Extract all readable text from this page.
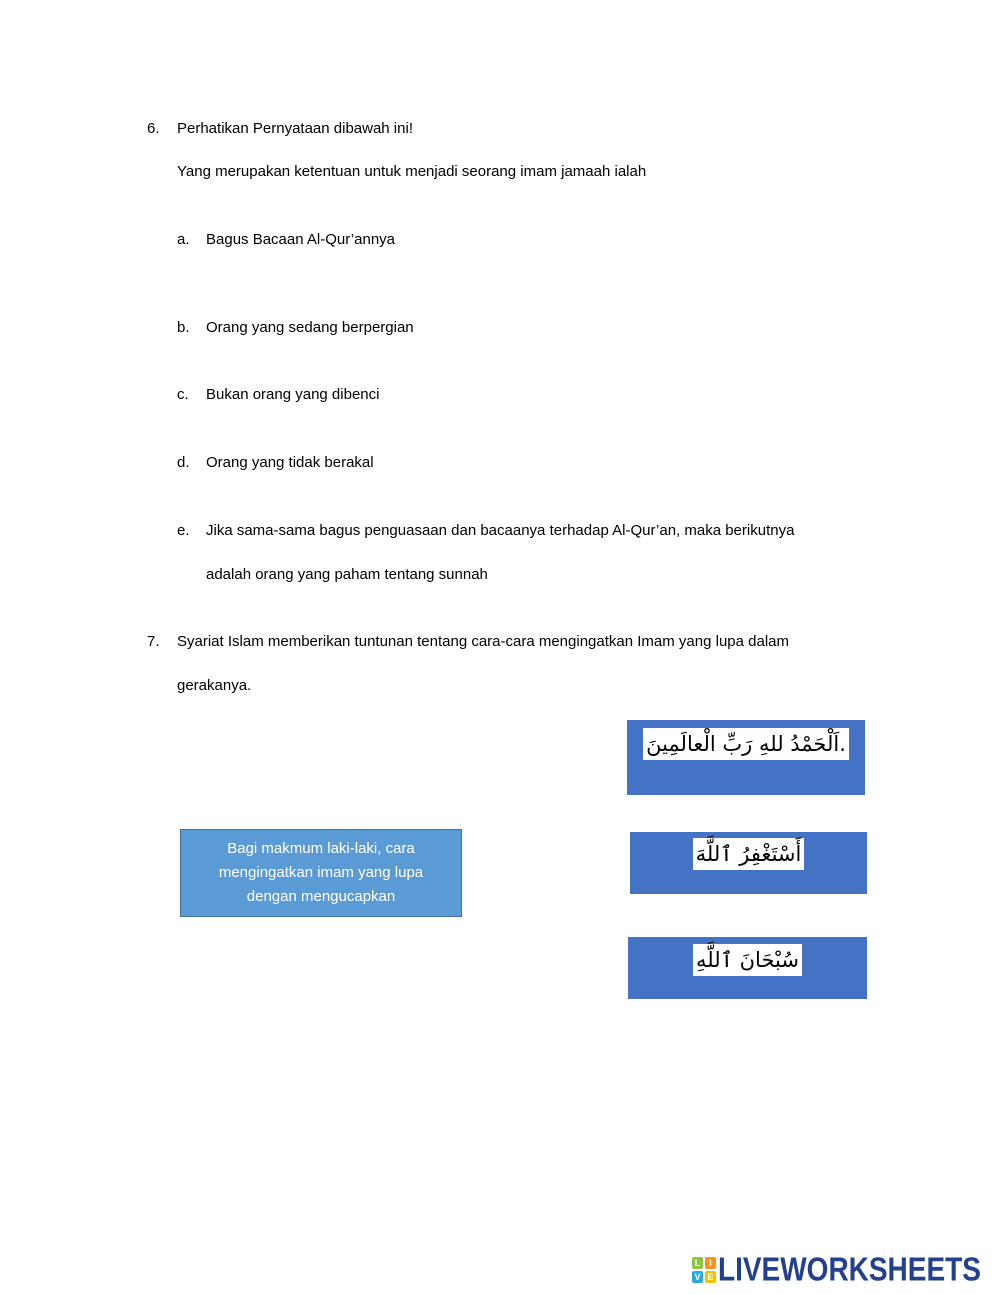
6. Perhatikan Pernyataan dibawah ini!
Yang merupakan ketentuan untuk menjadi seorang imam jamaah ialah
a. Bagus Bacaan Al-Qur’annya
b. Orang yang sedang berpergian
c. Bukan orang yang dibenci
d. Orang yang tidak berakal
e. Jika sama-sama bagus penguasaan dan bacaanya terhadap Al-Qur’an, maka berikutnya
adalah orang yang paham tentang sunnah
7. Syariat Islam memberikan tuntunan tentang cara-cara mengingatkan Imam yang lupa dalam
gerakanya.
Bagi makmum laki-laki, cara
mengingatkan imam yang lupa
dengan mengucapkan
اَلْحَمْدُ للهِ رَبِّ الْعالَمِينَ.
أَسْتَغْفِرُ ٱللَّهَ
سُبْحَانَ ٱللَّهِ
L I
V E LIVEWORKSHEETS
